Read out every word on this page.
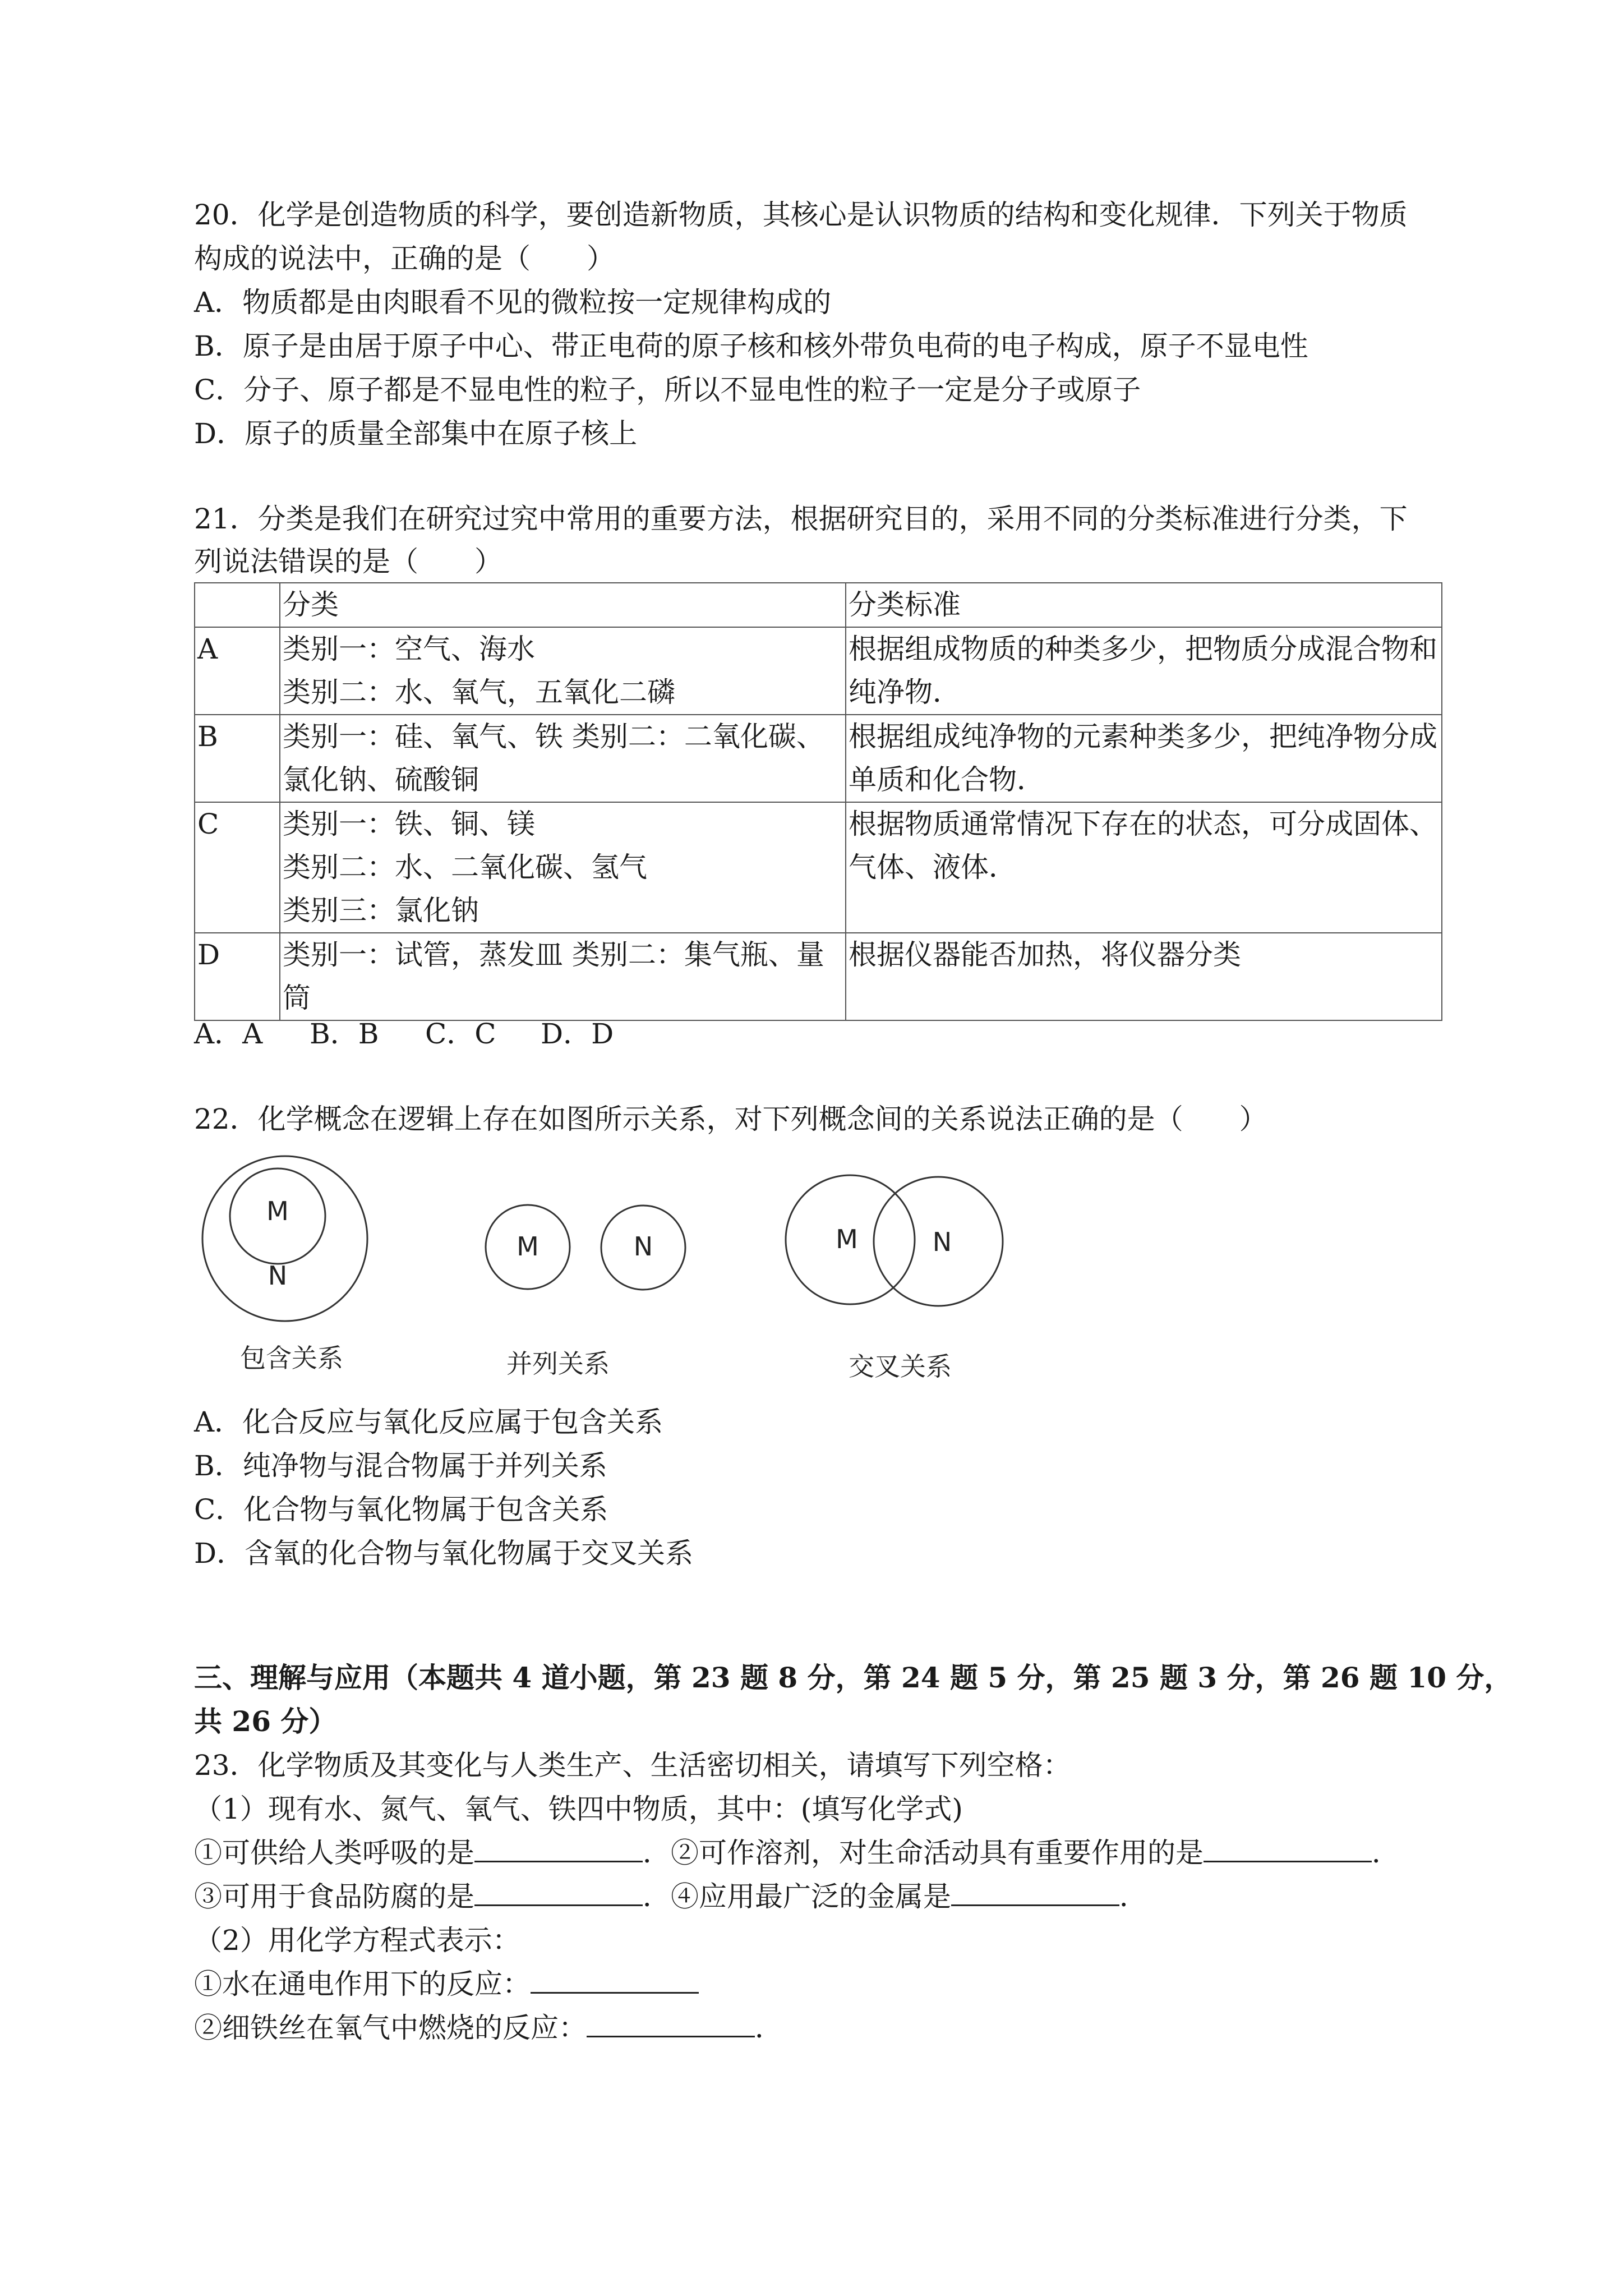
20．化学是创造物质的科学，要创造新物质，其核心是认识物质的结构和变化规律．下列关于物质
构成的说法中，正确的是（　　）
A．物质都是由肉眼看不见的微粒按一定规律构成的
B．原子是由居于原子中心、带正电荷的原子核和核外带负电荷的电子构成，原子不显电性
C．分子、原子都是不显电性的粒子，所以不显电性的粒子一定是分子或原子
D．原子的质量全部集中在原子核上
21．分类是我们在研究过究中常用的重要方法，根据研究目的，采用不同的分类标准进行分类，下
列说法错误的是（　　）
	分类	分类标准
A	类别一：空气、海水
类别二：水、氧气，五氧化二磷	根据组成物质的种类多少，把物质分成混合物和
纯净物．

B	类别一：硅、氧气、铁 类别二：二氧化碳、
氯化钠、硫酸铜	根据组成纯净物的元素种类多少，把纯净物分成
单质和化合物．

C	类别一：铁、铜、镁
类别二：水、二氧化碳、氢气
类别三：氯化钠	根据物质通常情况下存在的状态，可分成固体、
气体、液体．

D	类别一：试管，蒸发皿 类别二：集气瓶、量
筒	根据仪器能否加热，将仪器分类
A．A B．B C．C D．D
22．化学概念在逻辑上存在如图所示关系，对下列概念间的关系说法正确的是（　　）
M
N
M	N	M	N
包含关系	并列关系	交叉关系
A．化合反应与氧化反应属于包含关系
B．纯净物与混合物属于并列关系
C．化合物与氧化物属于包含关系
D．含氧的化合物与氧化物属于交叉关系
三、理解与应用（本题共 4 道小题，第 23 题 8 分，第 24 题 5 分，第 25 题 3 分，第 26 题 10 分，
共 26 分）
23．化学物质及其变化与人类生产、生活密切相关，请填写下列空格：
（1）现有水、氮气、氧气、铁四中物质，其中：(填写化学式)
①可供给人类呼吸的是	．②可作溶剂，对生命活动具有重要作用的是	．
③可用于食品防腐的是	．④应用最广泛的金属是	．
（2）用化学方程式表示：
①水在通电作用下的反应：
②细铁丝在氧气中燃烧的反应：	．
